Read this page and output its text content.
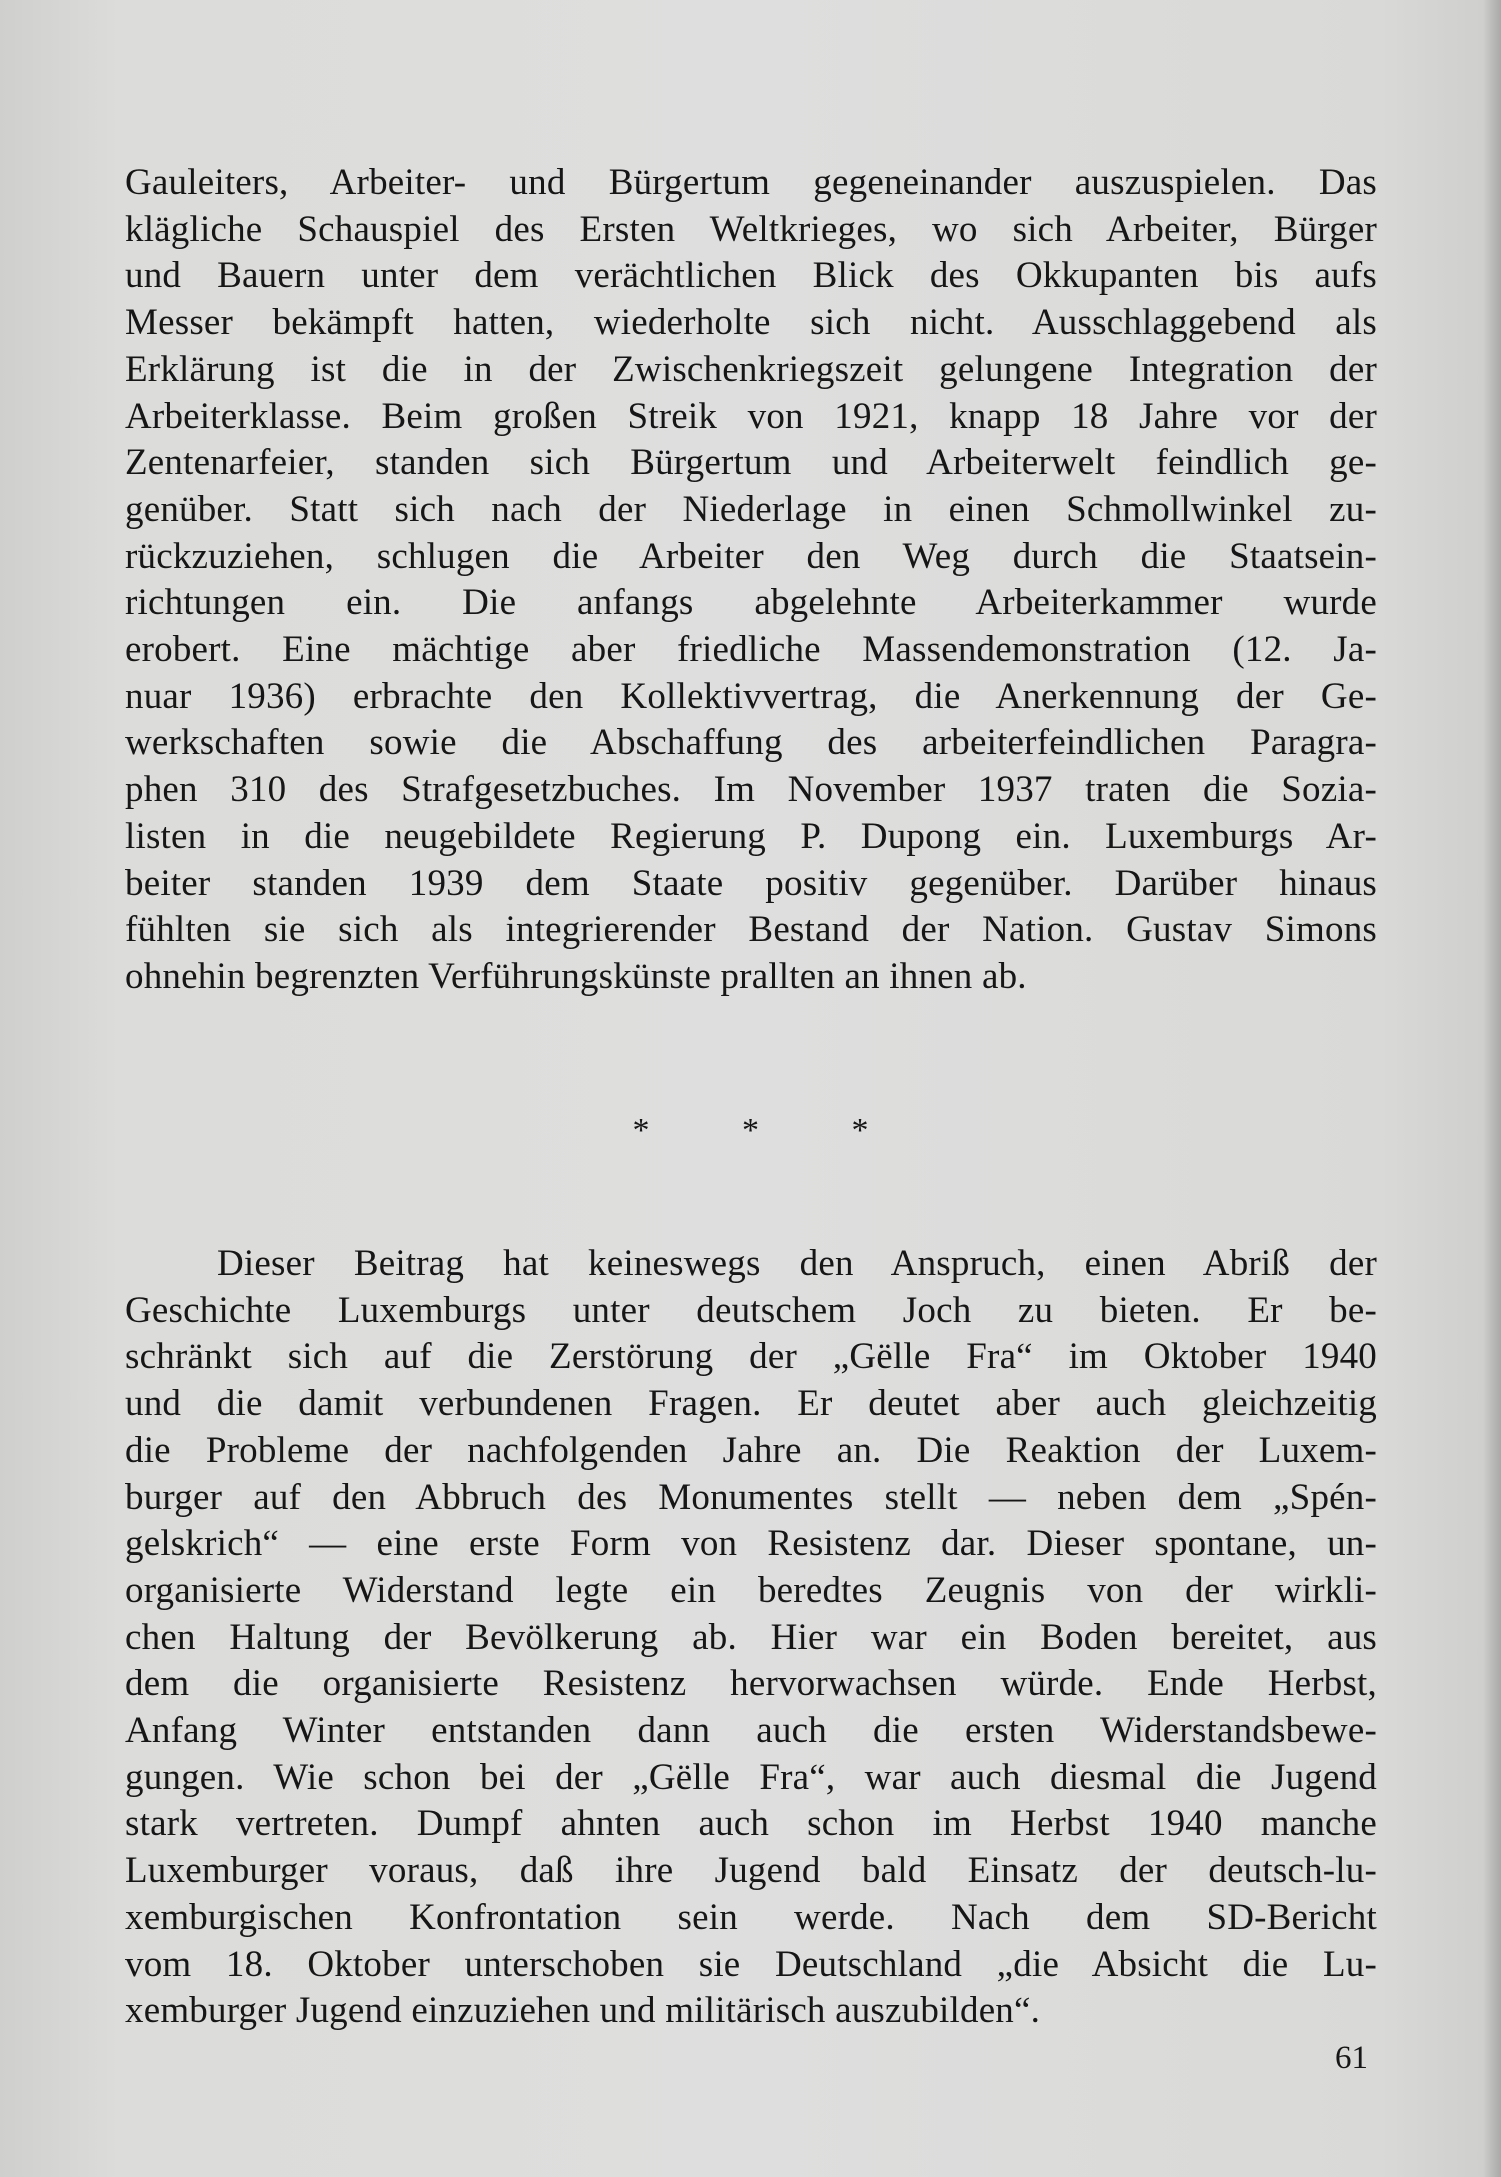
Gauleiters, Arbeiter- und Bürgertum gegeneinander auszuspielen. Das
klägliche Schauspiel des Ersten Weltkrieges, wo sich Arbeiter, Bürger
und Bauern unter dem verächtlichen Blick des Okkupanten bis aufs
Messer bekämpft hatten, wiederholte sich nicht. Ausschlaggebend als
Erklärung ist die in der Zwischenkriegszeit gelungene Integration der
Arbeiterklasse. Beim großen Streik von 1921, knapp 18 Jahre vor der
Zentenarfeier, standen sich Bürgertum und Arbeiterwelt feindlich ge-
genüber. Statt sich nach der Niederlage in einen Schmollwinkel zu-
rückzuziehen, schlugen die Arbeiter den Weg durch die Staatsein-
richtungen ein. Die anfangs abgelehnte Arbeiterkammer wurde
erobert. Eine mächtige aber friedliche Massendemonstration (12. Ja-
nuar 1936) erbrachte den Kollektivvertrag, die Anerkennung der Ge-
werkschaften sowie die Abschaffung des arbeiterfeindlichen Paragra-
phen 310 des Strafgesetzbuches. Im November 1937 traten die Sozia-
listen in die neugebildete Regierung P. Dupong ein. Luxemburgs Ar-
beiter standen 1939 dem Staate positiv gegenüber. Darüber hinaus
fühlten sie sich als integrierender Bestand der Nation. Gustav Simons
ohnehin begrenzten Verführungskünste prallten an ihnen ab.
* * *
Dieser Beitrag hat keineswegs den Anspruch, einen Abriß der
Geschichte Luxemburgs unter deutschem Joch zu bieten. Er be-
schränkt sich auf die Zerstörung der „Gëlle Fra“ im Oktober 1940
und die damit verbundenen Fragen. Er deutet aber auch gleichzeitig
die Probleme der nachfolgenden Jahre an. Die Reaktion der Luxem-
burger auf den Abbruch des Monumentes stellt — neben dem „Spén-
gelskrich“ — eine erste Form von Resistenz dar. Dieser spontane, un-
organisierte Widerstand legte ein beredtes Zeugnis von der wirkli-
chen Haltung der Bevölkerung ab. Hier war ein Boden bereitet, aus
dem die organisierte Resistenz hervorwachsen würde. Ende Herbst,
Anfang Winter entstanden dann auch die ersten Widerstandsbewe-
gungen. Wie schon bei der „Gëlle Fra“, war auch diesmal die Jugend
stark vertreten. Dumpf ahnten auch schon im Herbst 1940 manche
Luxemburger voraus, daß ihre Jugend bald Einsatz der deutsch-lu-
xemburgischen Konfrontation sein werde. Nach dem SD-Bericht
vom 18. Oktober unterschoben sie Deutschland „die Absicht die Lu-
xemburger Jugend einzuziehen und militärisch auszubilden“.
61
